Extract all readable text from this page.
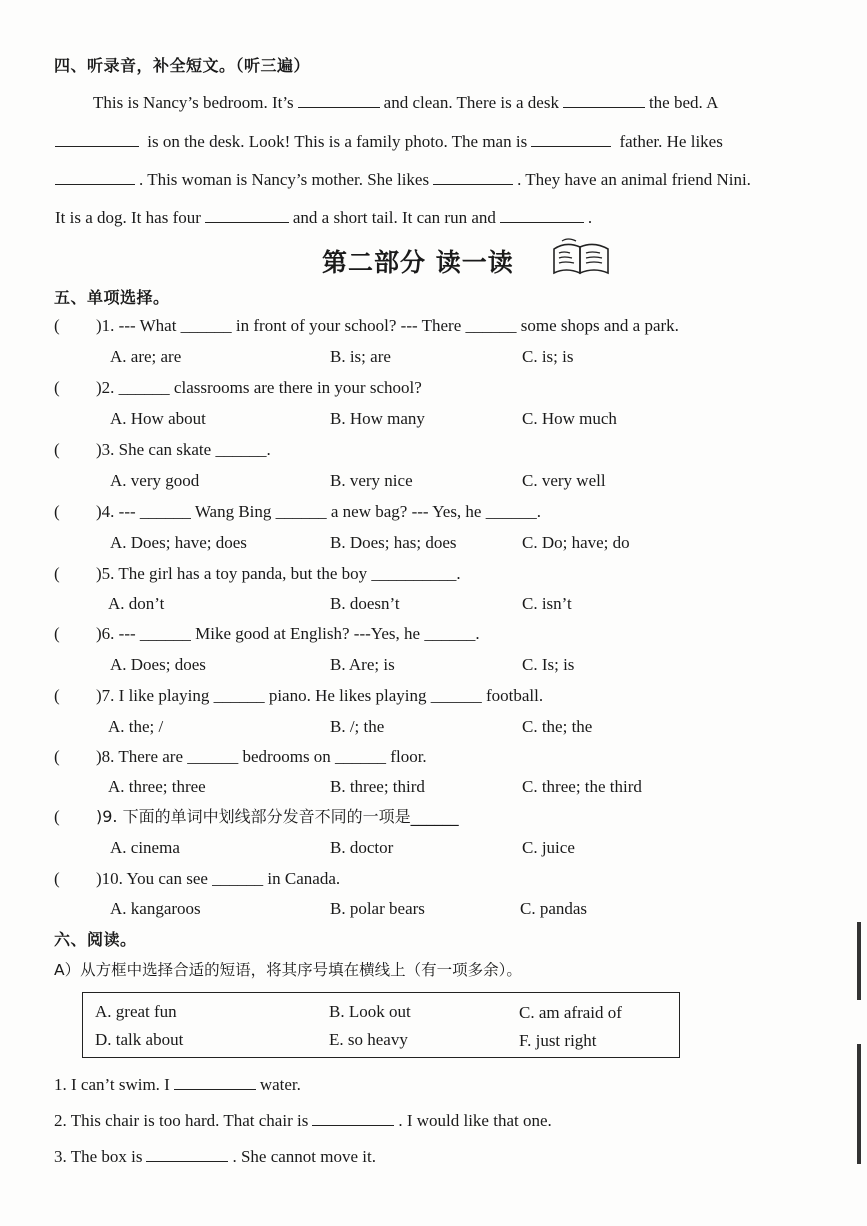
四、听录音，补全短文。（听三遍）
This is Nancy’s bedroom. It’s	and clean. There is a desk	the bed. A
is on the desk. Look! This is a family photo. The man is	father. He likes
. This woman is Nancy’s mother. She likes	. They have an animal friend Nini.
It is a dog. It has four	and a short tail. It can run and	.
第二部分 读一读
五、单项选择。
( )1. --- What ______ in front of your school? --- There ______ some shops and a park.
A. are; are	B. is; are	C. is; is
( )2. ______ classrooms are there in your school?
A. How about	B. How many	C. How much
( )3. She can skate ______.
A. very good	B. very nice	C. very well
( )4. --- ______ Wang Bing ______ a new bag? --- Yes, he ______.
A. Does; have; does	B. Does; has; does	C. Do; have; do
( )5. The girl has a toy panda, but the boy __________.
A. don’t	B. doesn’t	C. isn’t
( )6. --- ______ Mike good at English? ---Yes, he ______.
A. Does; does	B. Are; is	C. Is; is
( )7. I like playing ______ piano. He likes playing ______ football.
A. the; /	B. /; the	C. the; the
( )8. There are ______ bedrooms on ______ floor.
A. three; three	B. three; third	C. three; the third
( )9. 下面的单词中划线部分发音不同的一项是______
A. cinema	B. doctor	C. juice
( )10. You can see ______ in Canada.
A. kangaroos	B. polar bears	C. pandas
六、阅读。
A）从方框中选择合适的短语，将其序号填在横线上（有一项多余）。
A. great fun	B. Look out	C. am afraid of
D. talk about	E. so heavy	F. just right
1. I can’t swim. I	water.
2. This chair is too hard. That chair is	. I would like that one.
3. The box is	. She cannot move it.
